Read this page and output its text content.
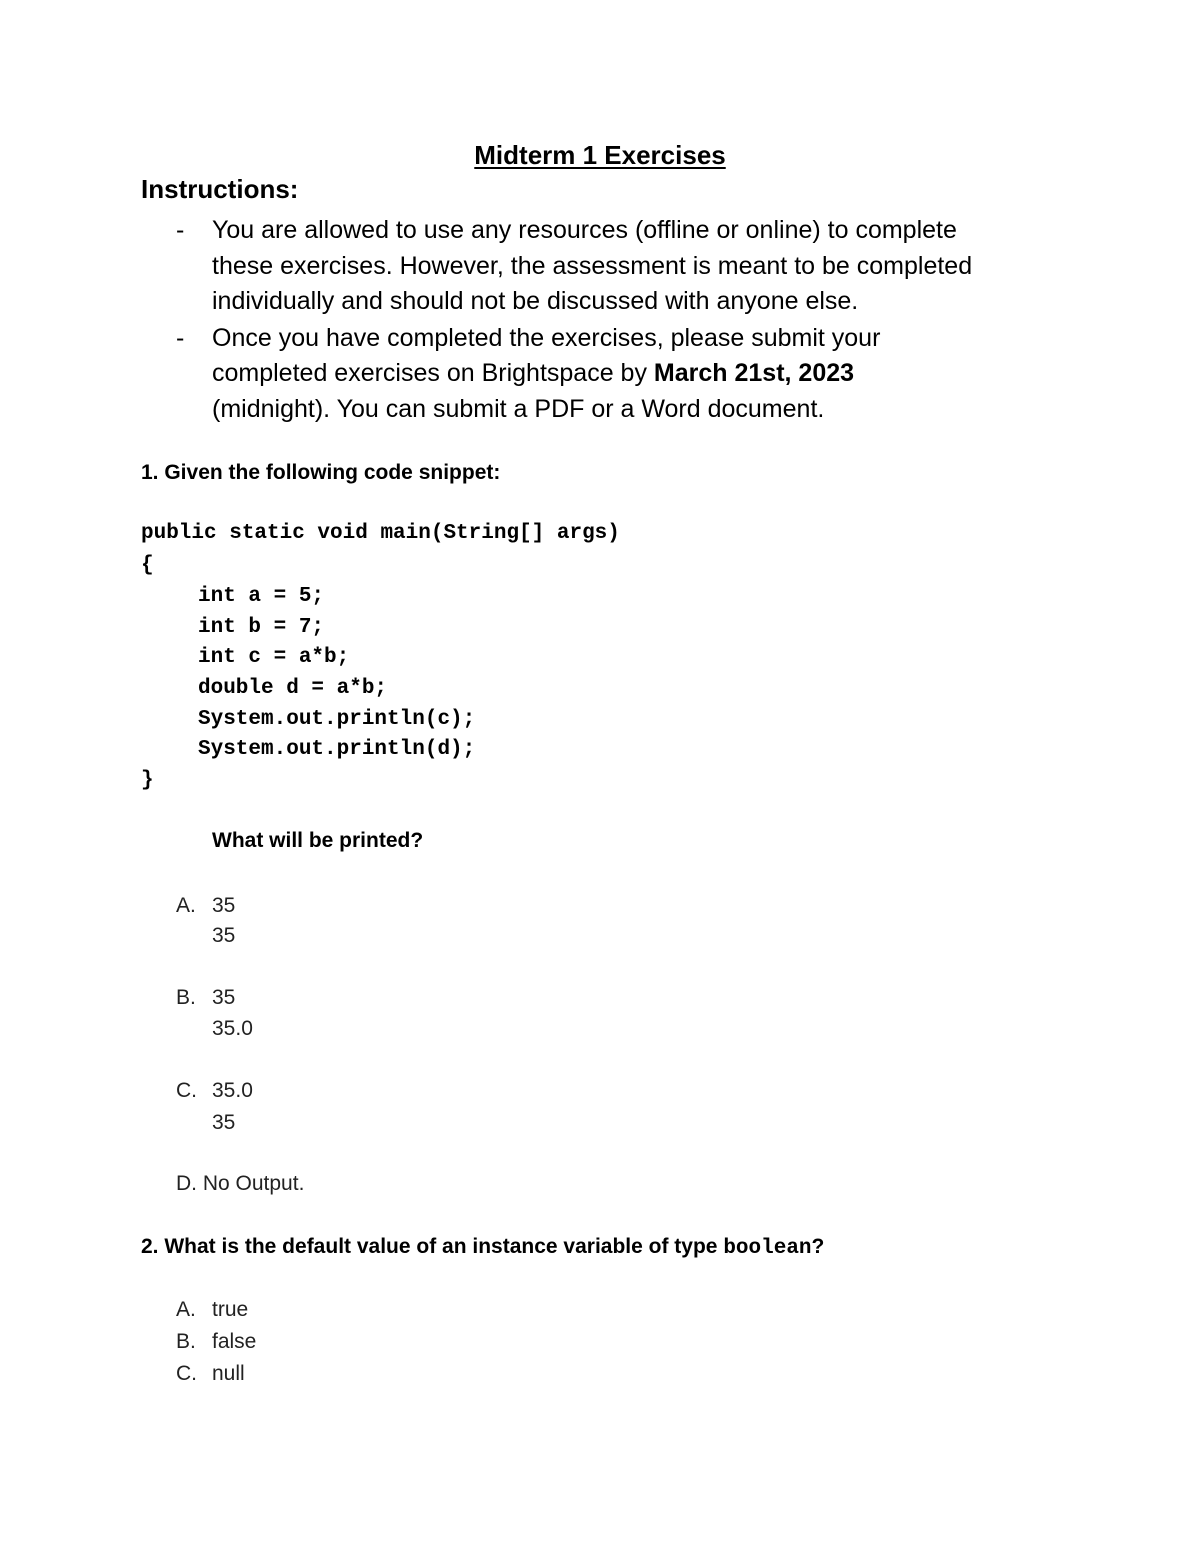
Midterm 1 Exercises
Instructions:
- You are allowed to use any resources (offline or online) to complete
these exercises. However, the assessment is meant to be completed
individually and should not be discussed with anyone else.
- Once you have completed the exercises, please submit your
completed exercises on Brightspace by March 21st, 2023
(midnight). You can submit a PDF or a Word document.
1. Given the following code snippet:
public static void main(String[] args)
{
int a = 5;
int b = 7;
int c = a*b;
double d = a*b;
System.out.println(c);
System.out.println(d);
}
What will be printed?
A. 35
35
B. 35
35.0
C. 35.0
35
D. No Output.
2. What is the default value of an instance variable of type boolean?
A. true
B. false
C. null
